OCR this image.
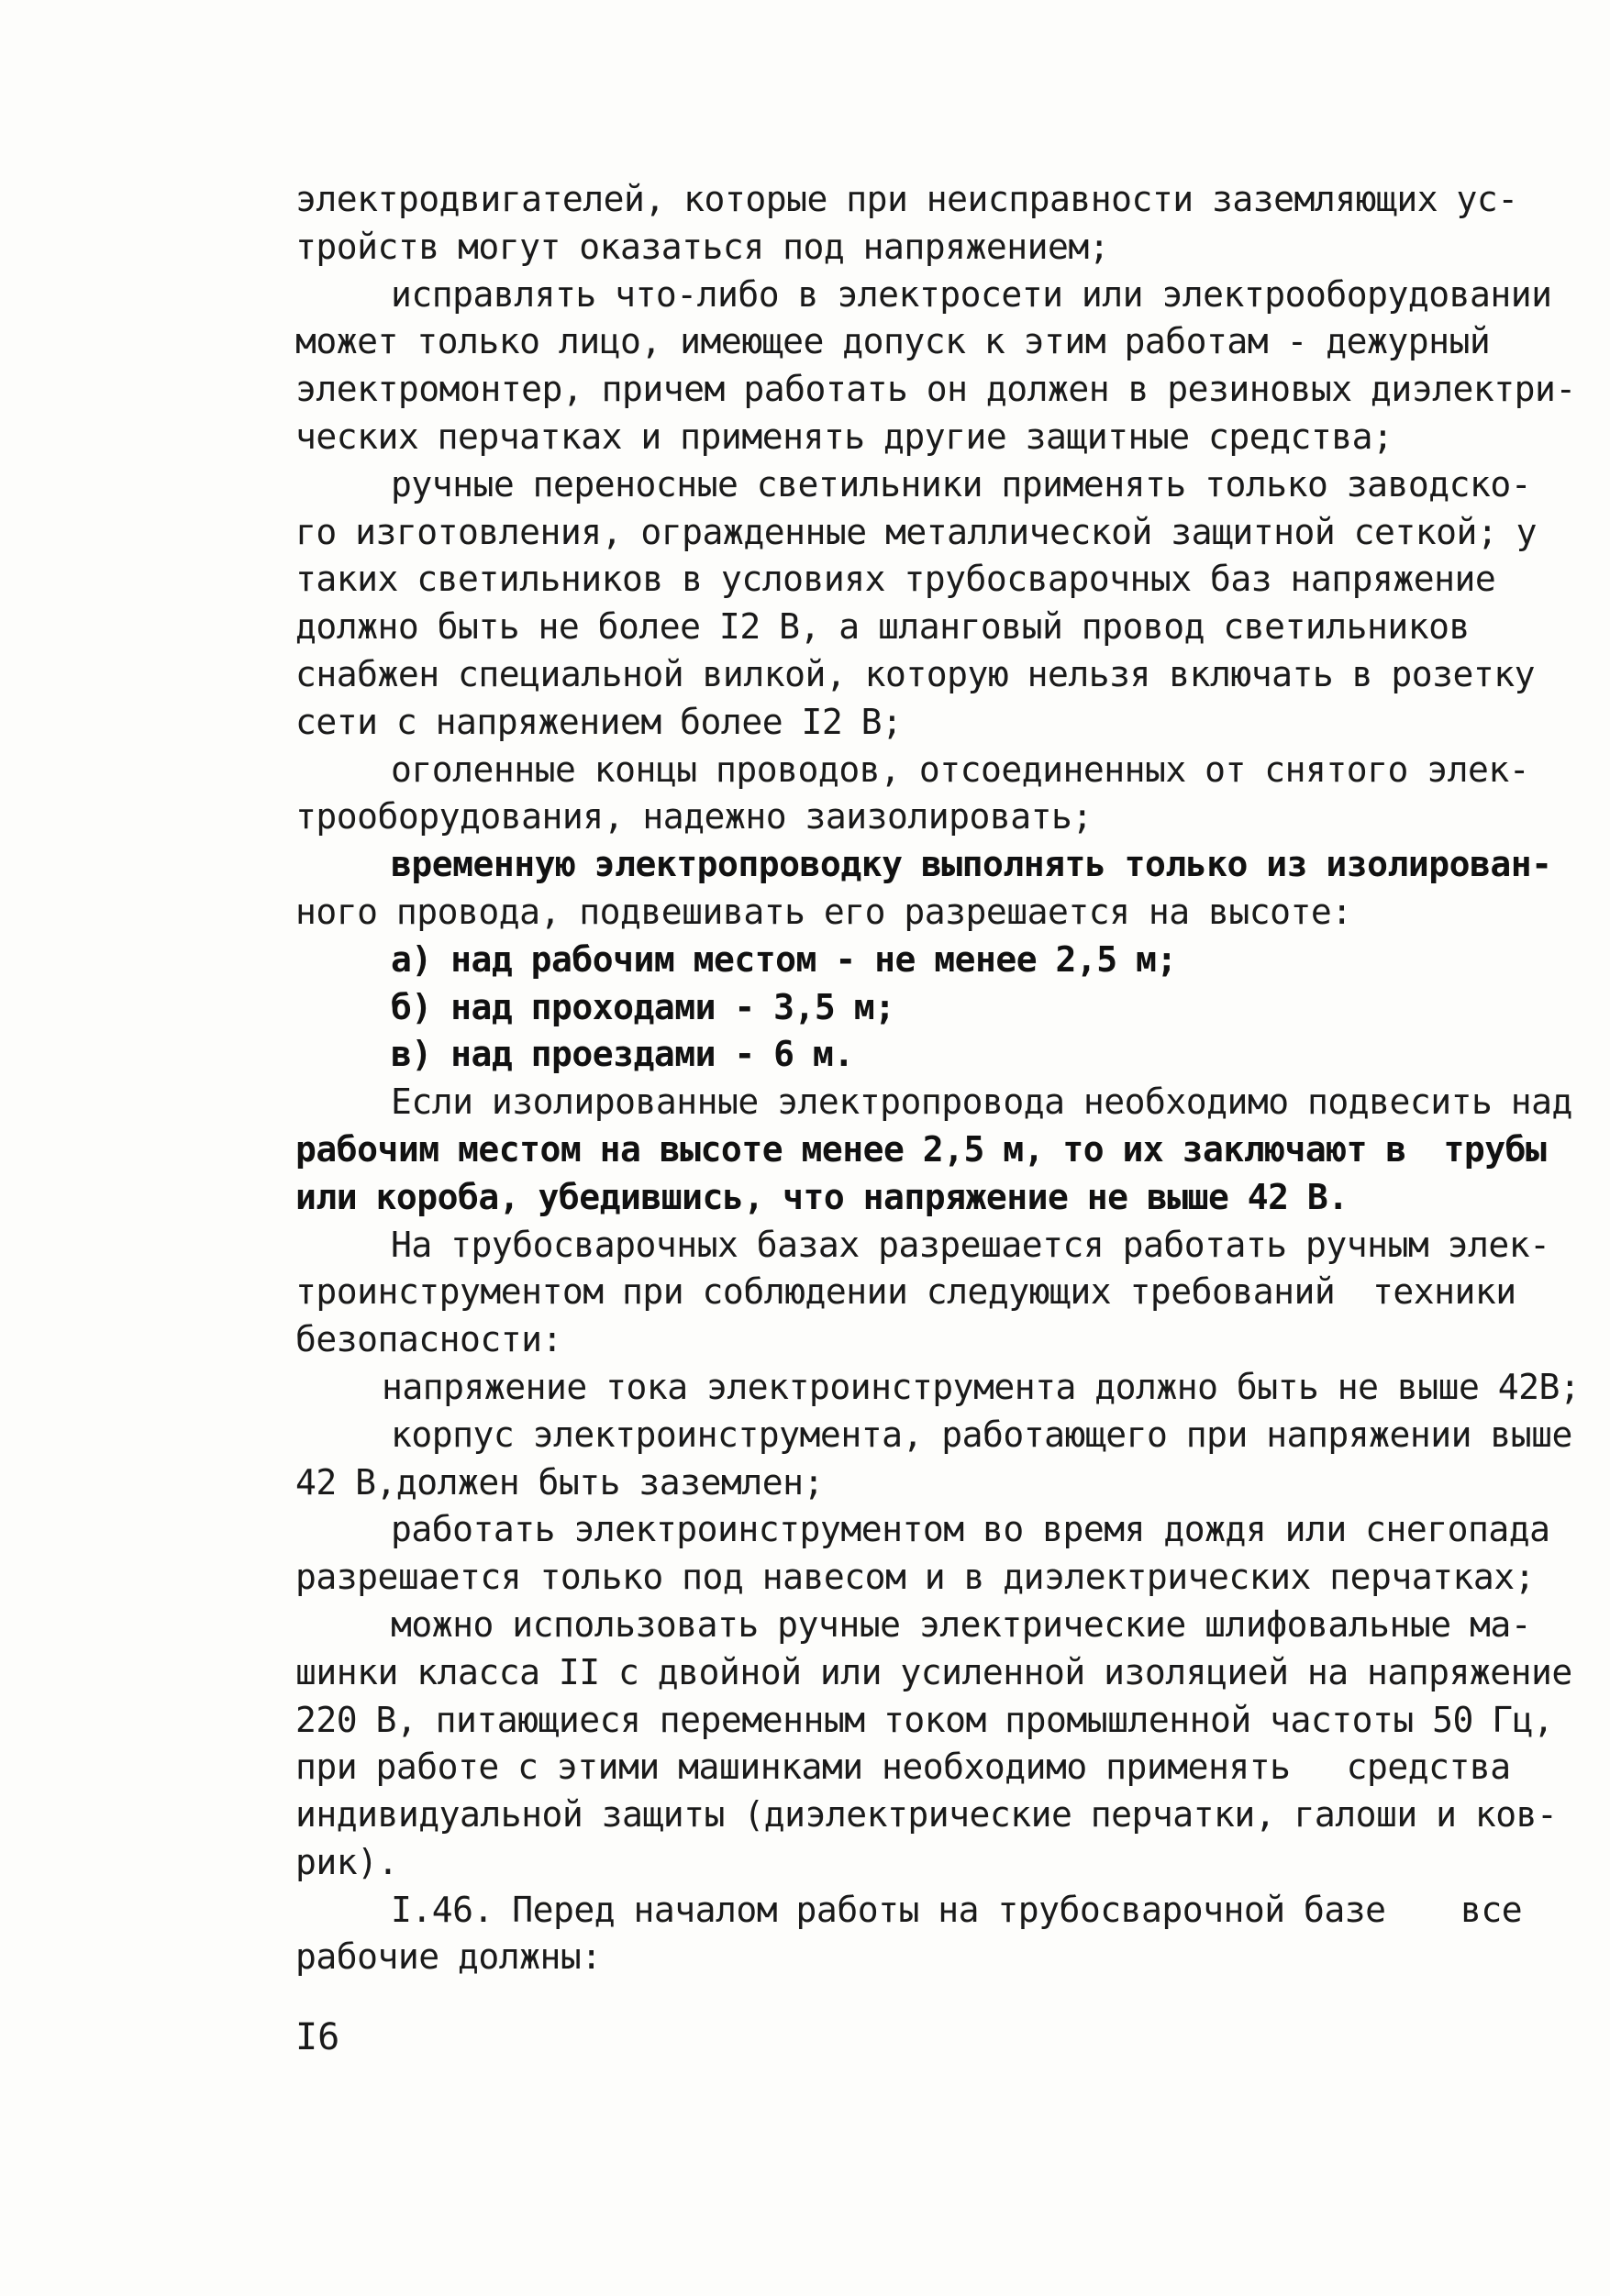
электродвигателей, которые при неисправности заземляющих ус-
тройств могут оказаться под напряжением;
исправлять что-либо в электросети или электрооборудовании
может только лицо, имеющее допуск к этим работам - дежурный
электромонтер, причем работать он должен в резиновых диэлектри-
ческих перчатках и применять другие защитные средства;
ручные переносные светильники применять только заводско-
го изготовления, огражденные металлической защитной сеткой; у
таких светильников в условиях трубосварочных баз напряжение
должно быть не более I2 В, а шланговый провод светильников
снабжен специальной вилкой, которую нельзя включать в розетку
сети с напряжением более I2 В;
оголенные концы проводов, отсоединенных от снятого элек-
трооборудования, надежно заизолировать;
временную электропроводку выполнять только из изолирован-
ного провода, подвешивать его разрешается на высоте:
а) над рабочим местом - не менее 2,5 м;
б) над проходами - 3,5 м;
в) над проездами - 6 м.
Если изолированные электропровода необходимо подвесить над
рабочим местом на высоте менее 2,5 м, то их заключают в  трубы
или короба, убедившись, что напряжение не выше 42 В.
На трубосварочных базах разрешается работать ручным элек-
троинструментом при соблюдении следующих требований  техники
безопасности:
напряжение тока электроинструмента должно быть не выше 42В;
корпус электроинструмента, работающего при напряжении выше
42 В,должен быть заземлен;
работать электроинструментом во время дождя или снегопада
разрешается только под навесом и в диэлектрических перчатках;
можно использовать ручные электрические шлифовальные ма-
шинки класса II с двойной или усиленной изоляцией на напряжение
220 В, питающиеся переменным током промышленной частоты 50 Гц,
при работе с этими машинками необходимо применять   средства
индивидуальной защиты (диэлектрические перчатки, галоши и ков-
рик).
I.46. Перед началом работы на трубосварочной базе    все
рабочие должны:
I6
